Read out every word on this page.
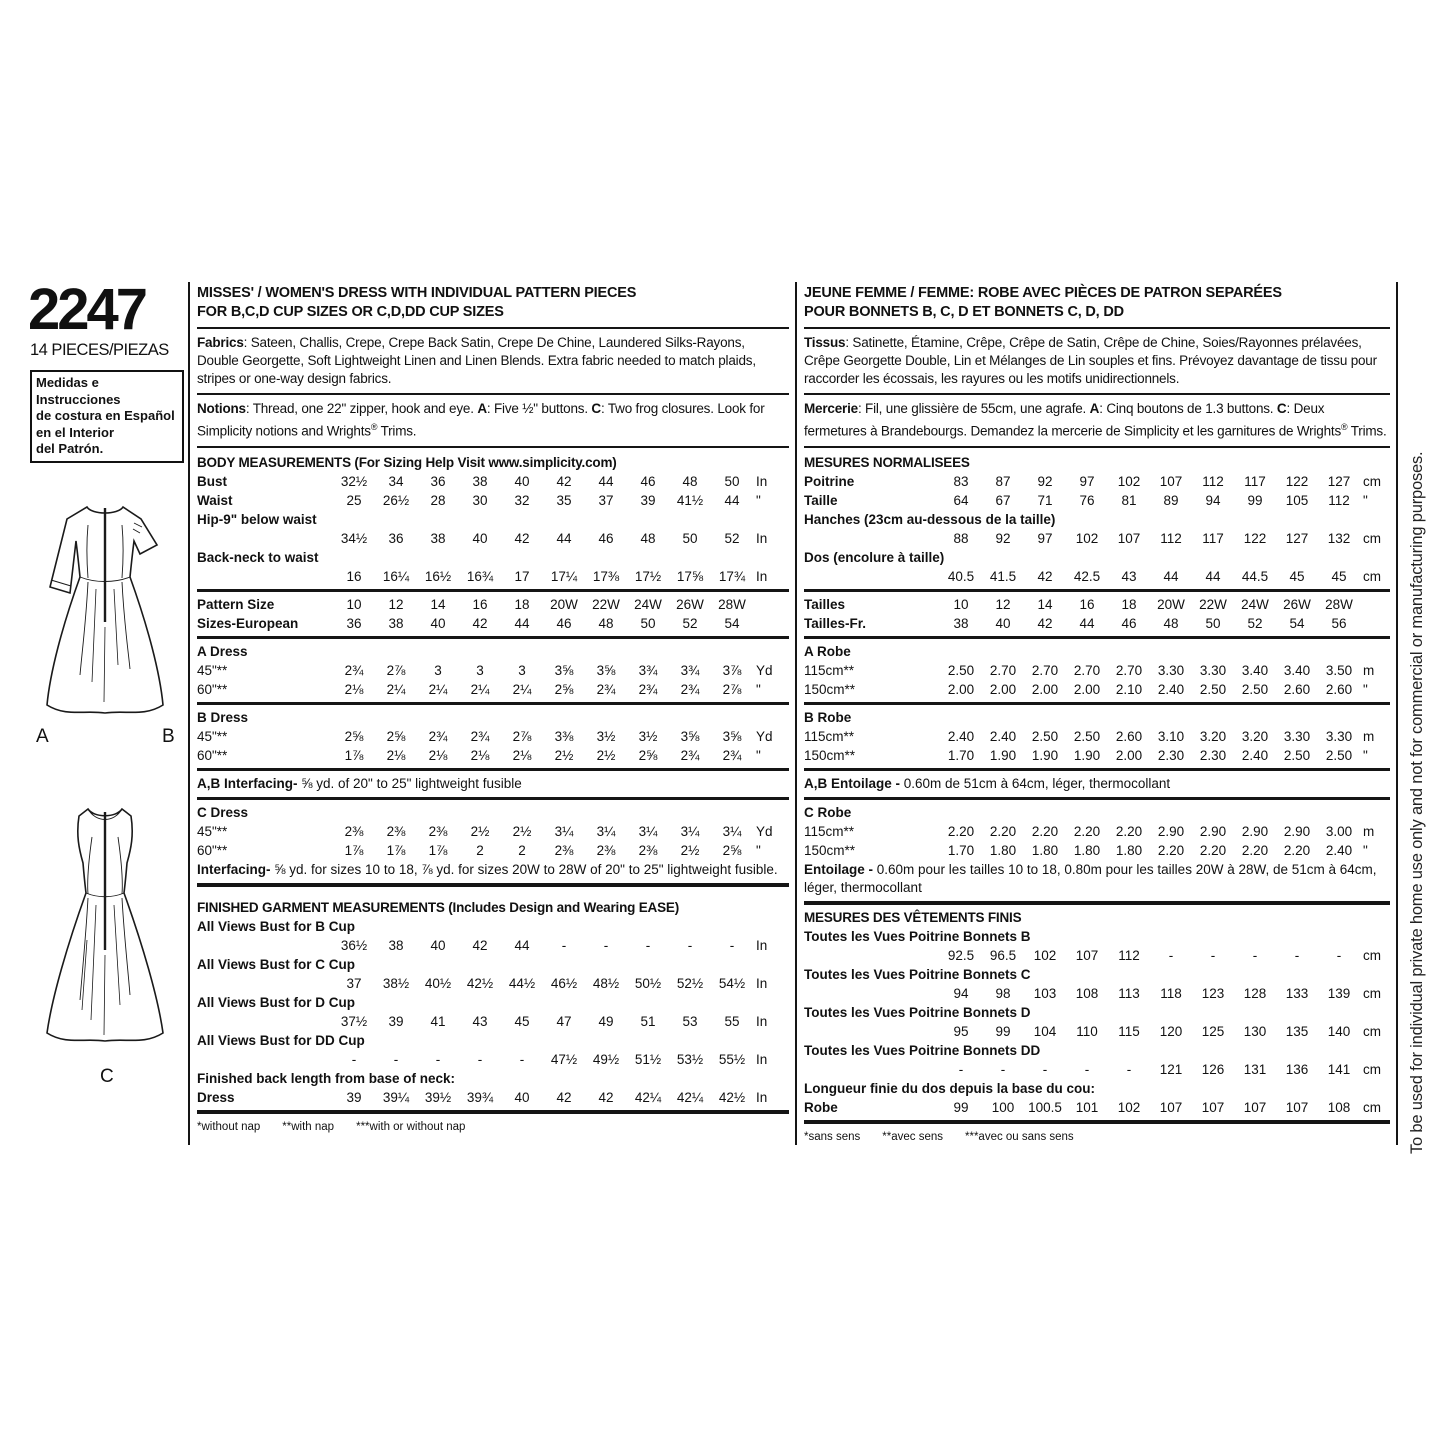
2247
14 PIECES/PIEZAS
Medidas e Instrucciones
de costura en Español
en el Interior
del Patrón.
A	B
C
MISSES' / WOMEN'S DRESS WITH INDIVIDUAL PATTERN PIECES
FOR B,C,D CUP SIZES OR C,D,DD CUP SIZES
Fabrics: Sateen, Challis, Crepe, Crepe Back Satin, Crepe De Chine, Laundered Silks-Rayons, Double Georgette, Soft Lightweight Linen and Linen Blends. Extra fabric needed to match plaids, stripes or one-way design fabrics.
Notions: Thread, one 22" zipper, hook and eye. A: Five ½" buttons. C: Two frog closures. Look for Simplicity notions and Wrights® Trims.
BODY MEASUREMENTS (For Sizing Help Visit www.simplicity.com)
Bust	32½	34	36	38	40	42	44	46	48	50	In
Waist	25	26½	28	30	32	35	37	39	41½	44	"
Hip-9" below waist
34½	36	38	40	42	44	46	48	50	52	In
Back-neck to waist
16	16¼	16½	16¾	17	17¼	17⅜	17½	17⅝	17¾ In
Pattern Size	10	12	14	16	18	20W	22W	24W	26W	28W
Sizes-European	36	38	40	42	44	46	48	50	52	54
A Dress
45"**	2¾	2⅞	3	3	3	3⅝	3⅝	3¾	3¾	3⅞	Yd
60"**	2⅛	2¼	2¼	2¼	2¼	2⅝	2¾	2¾	2¾	2⅞	"
B Dress
45"**	2⅝	2⅝	2¾	2¾	2⅞	3⅜	3½	3½	3⅝	3⅝	Yd
60"**	1⅞	2⅛	2⅛	2⅛	2⅛	2½	2½	2⅝	2¾	2¾	"
A,B Interfacing- ⅝ yd. of 20" to 25" lightweight fusible
C Dress
45"**	2⅜	2⅜	2⅜	2½	2½	3¼	3¼	3¼	3¼	3¼	Yd
60"**	1⅞	1⅞	1⅞	2	2	2⅜	2⅜	2⅜	2½	2⅝	"
Interfacing- ⅝ yd. for sizes 10 to 18, ⅞ yd. for sizes 20W to 28W of 20" to 25" lightweight fusible.
FINISHED GARMENT MEASUREMENTS (Includes Design and Wearing EASE)
All Views Bust for B Cup
36½	38	40	42	44	-	-	-	-	-	In
All Views Bust for C Cup
37	38½	40½	42½	44½	46½	48½	50½	52½	54½ In
All Views Bust for D Cup
37½	39	41	43	45	47	49	51	53	55	In
All Views Bust for DD Cup
-	-	-	-	-	47½	49½	51½	53½	55½ In
Finished back length from base of neck:
Dress	39	39¼	39½	39¾	40	42	42	42¼	42¼	42½ In
*without nap **with nap ***with or without nap
JEUNE FEMME / FEMME: ROBE AVEC PIÈCES DE PATRON SEPARÉES
POUR BONNETS B, C, D ET BONNETS C, D, DD
Tissus: Satinette, Étamine, Crêpe, Crêpe de Satin, Crêpe de Chine, Soies/Rayonnes prélavées, Crêpe Georgette Double, Lin et Mélanges de Lin souples et fins. Prévoyez davantage de tissu pour raccorder les écossais, les rayures ou les motifs unidirectionnels.
Mercerie: Fil, une glissière de 55cm, une agrafe. A: Cinq boutons de 1.3 buttons. C: Deux fermetures à Brandebourgs. Demandez la mercerie de Simplicity et les garnitures de Wrights® Trims.
MESURES NORMALISEES
Poitrine	83	87	92	97	102	107	112	117	122	127 cm
Taille	64	67	71	76	81	89	94	99	105	112 "
Hanches (23cm au-dessous de la taille)
88	92	97	102	107	112	117	122	127	132 cm
Dos (encolure à taille)
40.5	41.5	42	42.5	43	44	44	44.5	45	45	cm
Tailles	10	12	14	16	18	20W	22W	24W	26W	28W
Tailles-Fr.	38	40	42	44	46	48	50	52	54	56
A Robe
115cm**	2.50	2.70	2.70	2.70	2.70	3.30	3.30	3.40	3.40	3.50 m
150cm**	2.00	2.00	2.00	2.00	2.10	2.40	2.50	2.50	2.60	2.60 "
B Robe
115cm**	2.40	2.40	2.50	2.50	2.60	3.10	3.20	3.20	3.30	3.30 m
150cm**	1.70	1.90	1.90	1.90	2.00	2.30	2.30	2.40	2.50	2.50 "
A,B Entoilage - 0.60m de 51cm à 64cm, léger, thermocollant
C Robe
115cm**	2.20	2.20	2.20	2.20	2.20	2.90	2.90	2.90	2.90	3.00 m
150cm**	1.70	1.80	1.80	1.80	1.80	2.20	2.20	2.20	2.20	2.40 "
Entoilage - 0.60m pour les tailles 10 to 18, 0.80m pour les tailles 20W à 28W, de 51cm à 64cm, léger, thermocollant
MESURES DES VÊTEMENTS FINIS
Toutes les Vues Poitrine Bonnets B
92.5	96.5	102	107	112	-	-	-	-	-	cm
Toutes les Vues Poitrine Bonnets C
94	98	103	108	113	118	123	128	133	139 cm
Toutes les Vues Poitrine Bonnets D
95	99	104	110	115	120	125	130	135	140 cm
Toutes les Vues Poitrine Bonnets DD
-	-	-	-	-	121	126	131	136	141 cm
Longueur finie du dos depuis la base du cou:
Robe	99	100	100.5	101	102	107	107	107	107	108 cm
*sans sens **avec sens ***avec ou sans sens	To be used for individual private home use only and not for commercial or manufacturing purposes.
